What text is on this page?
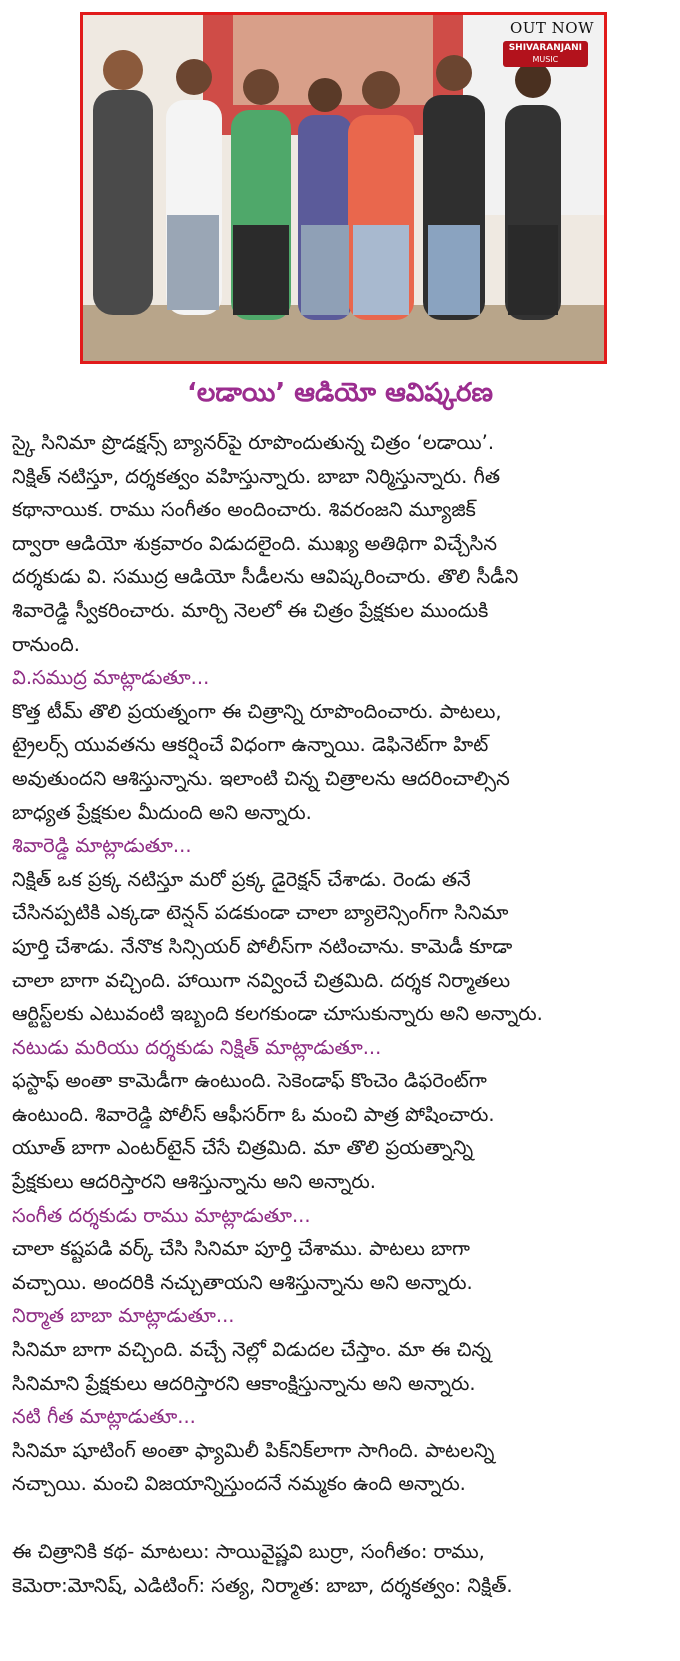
OUT NOW
SHIVARANJANI
MUSIC
‘లడాయి’ ఆడియో ఆవిష్కరణ

స్కై సినిమా ప్రొడక్షన్స్ బ్యానర్‌పై రూపొందుతున్న చిత్రం ‘లడాయి’.

నిక్షిత్ నటిస్తూ, దర్శకత్వం వహిస్తున్నారు. బాబా నిర్మిస్తున్నారు. గీత

కథానాయిక. రాము సంగీతం అందించారు. శివరంజని మ్యూజిక్

ద్వారా ఆడియో శుక్రవారం విడుదలైంది. ముఖ్య అతిథిగా విచ్చేసిన

దర్శకుడు వి. సముద్ర ఆడియో సీడీలను ఆవిష్కరించారు. తొలి సీడీని

శివారెడ్డి స్వీకరించారు. మార్చి నెలలో ఈ చిత్రం ప్రేక్షకుల ముందుకి

రానుంది.

వి.సముద్ర మాట్లాడుతూ...

కొత్త టీమ్ తొలి ప్రయత్నంగా ఈ చిత్రాన్ని రూపొందించారు. పాటలు,

ట్రైలర్స్ యువతను ఆకర్షించే విధంగా ఉన్నాయి. డెఫినెట్‌గా హిట్

అవుతుందని ఆశిస్తున్నాను. ఇలాంటి చిన్న చిత్రాలను ఆదరించాల్సిన

బాధ్యత ప్రేక్షకుల మీదుంది అని అన్నారు.

శివారెడ్డి మాట్లాడుతూ...

నిక్షిత్ ఒక ప్రక్క నటిస్తూ మరో ప్రక్క డైరెక్షన్ చేశాడు. రెండు తనే

చేసినప్పటికి ఎక్కడా టెన్షన్ పడకుండా చాలా బ్యాలెన్సింగ్‌గా సినిమా

పూర్తి చేశాడు. నేనొక సిన్సియర్ పోలీస్‌గా నటించాను. కామెడీ కూడా

చాలా బాగా వచ్చింది. హాయిగా నవ్వించే చిత్రమిది. దర్శక నిర్మాతలు

ఆర్టిస్ట్‌లకు ఎటువంటి ఇబ్బంది కలగకుండా చూసుకున్నారు అని అన్నారు.

నటుడు మరియు దర్శకుడు నిక్షిత్ మాట్లాడుతూ...

ఫస్టాఫ్ అంతా కామెడీగా ఉంటుంది. సెకెండాఫ్ కొంచెం డిఫరెంట్‌గా

ఉంటుంది. శివారెడ్డి పోలీస్ ఆఫీసర్‌గా ఓ మంచి పాత్ర పోషించారు.

యూత్ బాగా ఎంటర్‌టైన్ చేసే చిత్రమిది. మా తొలి ప్రయత్నాన్ని

ప్రేక్షకులు ఆదరిస్తారని ఆశిస్తున్నాను అని అన్నారు.

సంగీత దర్శకుడు రాము మాట్లాడుతూ...

చాలా కష్టపడి వర్క్ చేసి సినిమా పూర్తి చేశాము. పాటలు బాగా

వచ్చాయి. అందరికి నచ్చుతాయని ఆశిస్తున్నాను అని అన్నారు.

నిర్మాత బాబా మాట్లాడుతూ...

సినిమా బాగా వచ్చింది. వచ్చే నెల్లో విడుదల చేస్తాం. మా ఈ చిన్న

సినిమాని ప్రేక్షకులు ఆదరిస్తారని ఆకాంక్షిస్తున్నాను అని అన్నారు.

నటి గీత మాట్లాడుతూ...

సినిమా షూటింగ్ అంతా ఫ్యామిలీ పిక్‌నిక్‌లాగా సాగింది. పాటలన్ని

నచ్చాయి. మంచి విజయాన్నిస్తుందనే నమ్మకం ఉంది అన్నారు.

ఈ చిత్రానికి కథ- మాటలు: సాయివైష్ణవి బుర్రా, సంగీతం: రాము,

కెమెరా:మోనిష్, ఎడిటింగ్: సత్య, నిర్మాత: బాబా, దర్శకత్వం: నిక్షిత్.
